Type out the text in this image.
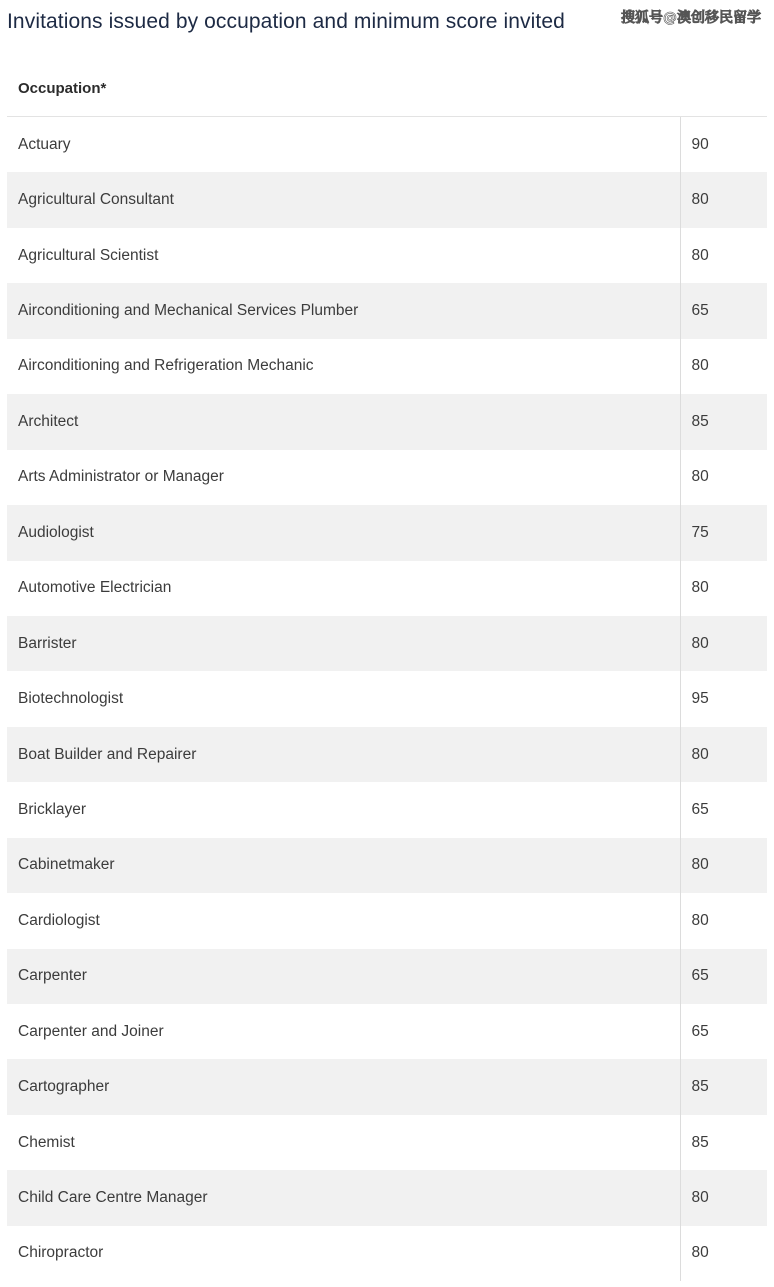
Invitations issued by occupation and minimum score invited	搜狐号@澳创移民留学
Occupation*	
Actuary	90
Agricultural Consultant	80
Agricultural Scientist	80
Airconditioning and Mechanical Services Plumber	65
Airconditioning and Refrigeration Mechanic	80
Architect	85
Arts Administrator or Manager	80
Audiologist	75
Automotive Electrician	80
Barrister	80
Biotechnologist	95
Boat Builder and Repairer	80
Bricklayer	65
Cabinetmaker	80
Cardiologist	80
Carpenter	65
Carpenter and Joiner	65
Cartographer	85
Chemist	85
Child Care Centre Manager	80
Chiropractor	80
